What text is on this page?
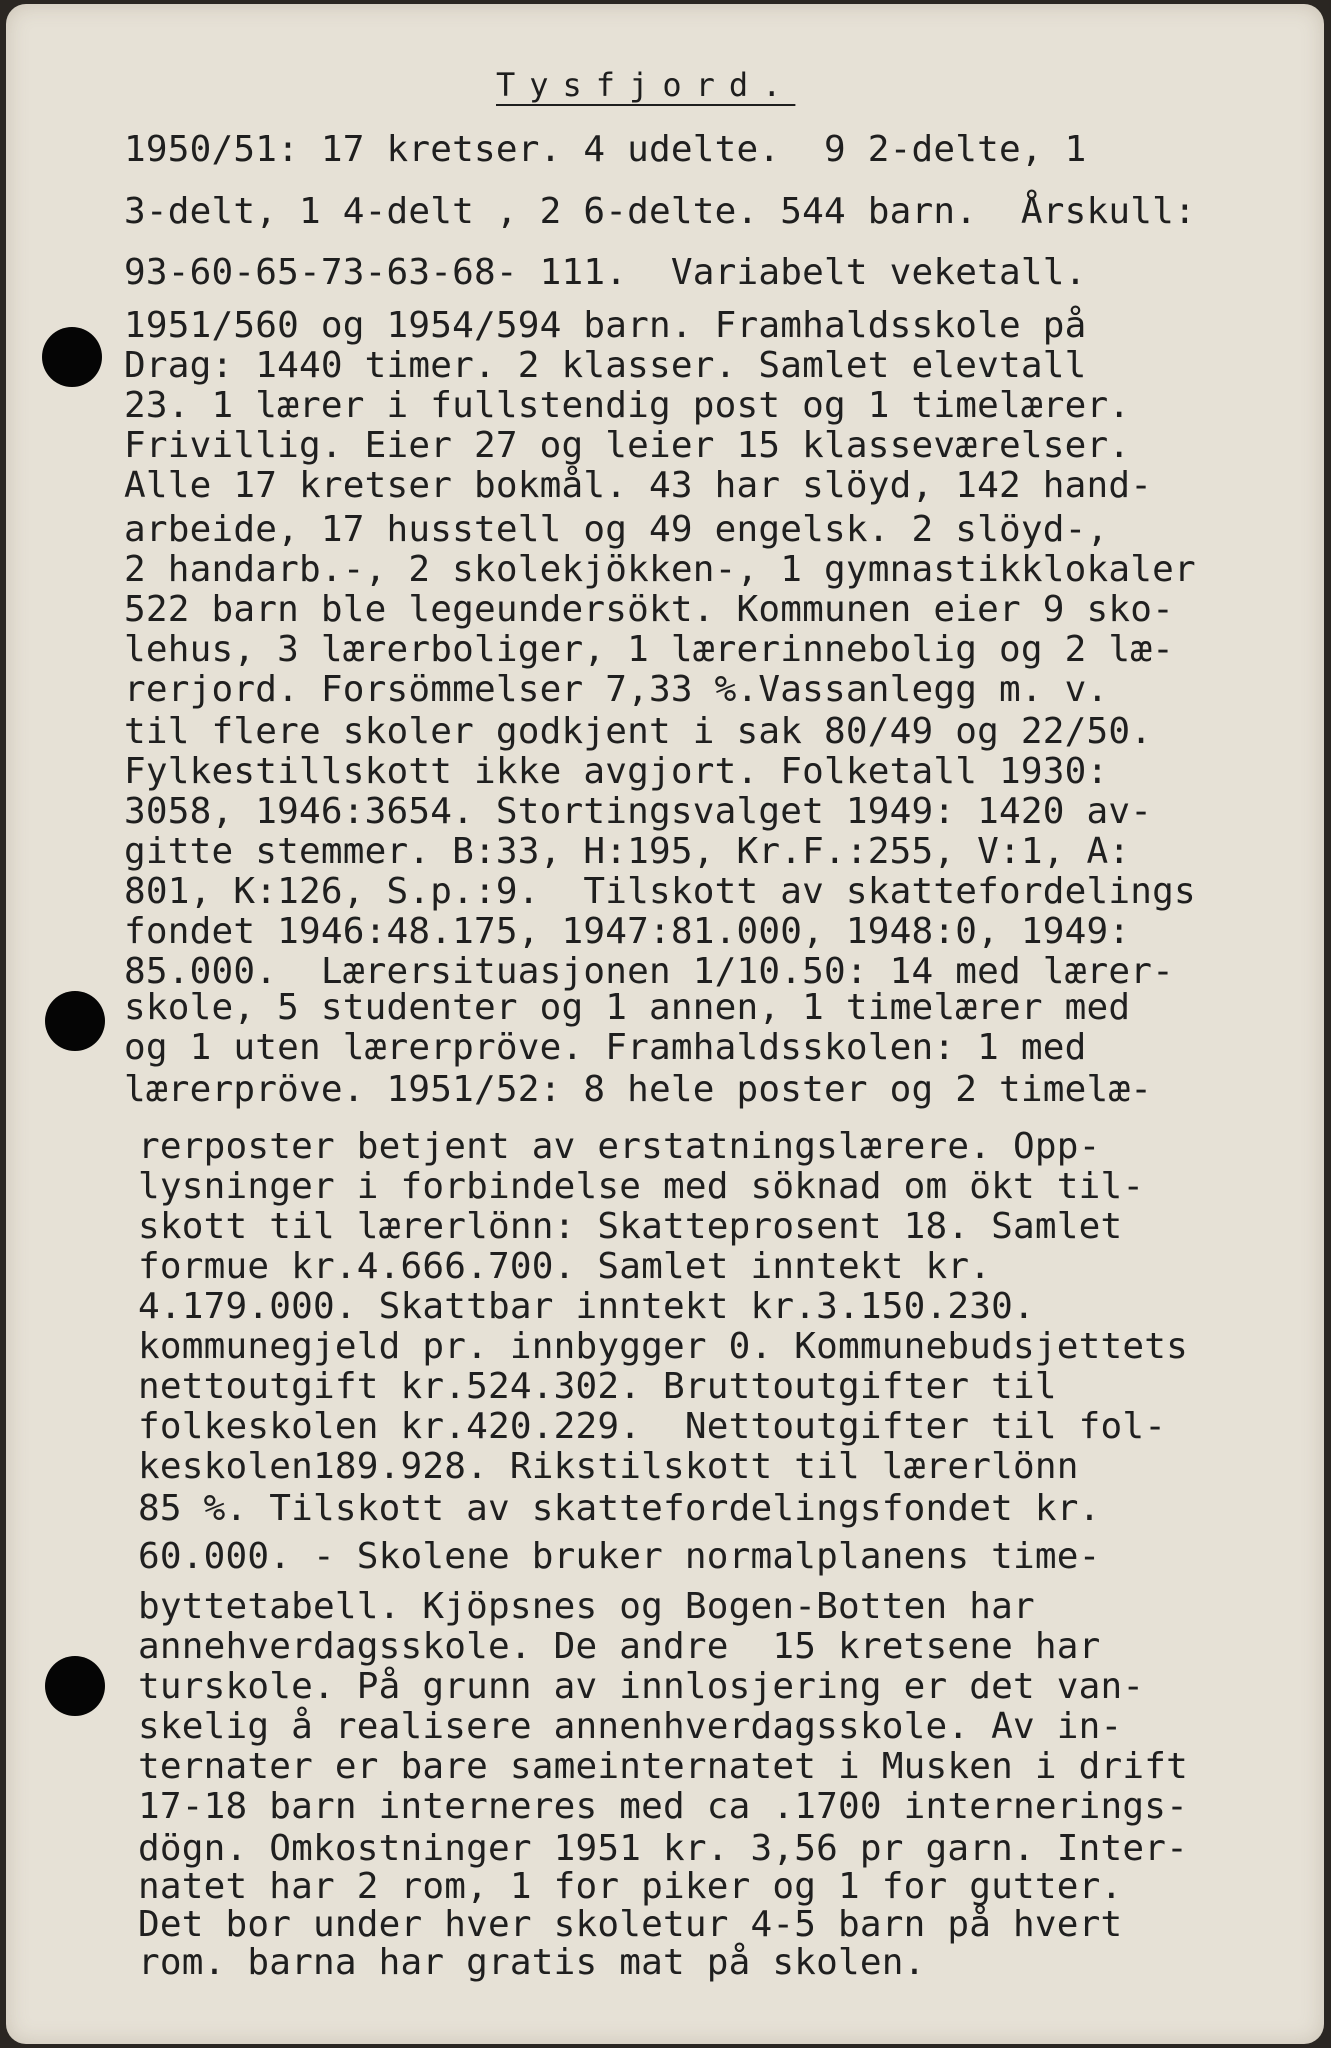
Tysfjord.
1950/51: 17 kretser. 4 udelte.  9 2-delte, 1
3-delt, 1 4-delt , 2 6-delte. 544 barn.  Årskull:
93-60-65-73-63-68- 111.  Variabelt veketall.
1951/560 og 1954/594 barn. Framhaldsskole på
Drag: 1440 timer. 2 klasser. Samlet elevtall
23. 1 lærer i fullstendig post og 1 timelærer.
Frivillig. Eier 27 og leier 15 klasseværelser.
Alle 17 kretser bokmål. 43 har slöyd, 142 hand-
arbeide, 17 husstell og 49 engelsk. 2 slöyd-,
2 handarb.-, 2 skolekjökken-, 1 gymnastikklokaler
522 barn ble legeundersökt. Kommunen eier 9 sko-
lehus, 3 lærerboliger, 1 lærerinnebolig og 2 læ-
rerjord. Forsömmelser 7,33 %.Vassanlegg m. v.
til flere skoler godkjent i sak 80/49 og 22/50.
Fylkestillskott ikke avgjort. Folketall 1930:
3058, 1946:3654. Stortingsvalget 1949: 1420 av-
gitte stemmer. B:33, H:195, Kr.F.:255, V:1, A:
801, K:126, S.p.:9.  Tilskott av skattefordelings
fondet 1946:48.175, 1947:81.000, 1948:0, 1949:
85.000.  Lærersituasjonen 1/10.50: 14 med lærer-
skole, 5 studenter og 1 annen, 1 timelærer med
og 1 uten lærerpröve. Framhaldsskolen: 1 med
lærerpröve. 1951/52: 8 hele poster og 2 timelæ-
rerposter betjent av erstatningslærere. Opp-
lysninger i forbindelse med söknad om ökt til-
skott til lærerlönn: Skatteprosent 18. Samlet
formue kr.4.666.700. Samlet inntekt kr.
4.179.000. Skattbar inntekt kr.3.150.230.
kommunegjeld pr. innbygger 0. Kommunebudsjettets
nettoutgift kr.524.302. Bruttoutgifter til
folkeskolen kr.420.229.  Nettoutgifter til fol-
keskolen189.928. Rikstilskott til lærerlönn
85 %. Tilskott av skattefordelingsfondet kr.
60.000. - Skolene bruker normalplanens time-
byttetabell. Kjöpsnes og Bogen-Botten har
annehverdagsskole. De andre  15 kretsene har
turskole. På grunn av innlosjering er det van-
skelig å realisere annenhverdagsskole. Av in-
ternater er bare sameinternatet i Musken i drift
17-18 barn interneres med ca .1700 internerings-
dögn. Omkostninger 1951 kr. 3,56 pr garn. Inter-
natet har 2 rom, 1 for piker og 1 for gutter.
Det bor under hver skoletur 4-5 barn på hvert
rom. barna har gratis mat på skolen.
